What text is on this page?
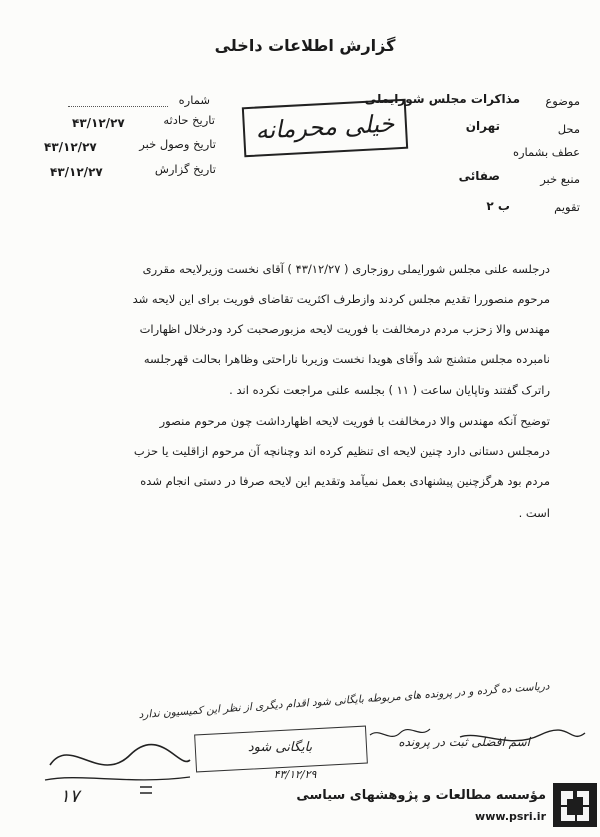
گزارش اطلاعات داخلی
شماره
تاریخ حادثه
۴۳/۱۲/۲۷
تاریخ وصول خبر
۴۳/۱۲/۲۷
تاریخ گزارش
۴۳/۱۲/۲۷
خیلی محرمانه
موضوع
مذاکرات مجلس شورایملی
محل
تهران
عطف بشماره
منبع خبر
صفائی
تقویم
ب ۲
درجلسه علنی مجلس شورایملی روزجاری ( ۴۳/۱۲/۲۷ ) آقای نخست وزیرلایحه مقرری
مرحوم منصوررا تقدیم مجلس کردند وازطرف اکثریت تقاضای فوریت برای این لایحه شد
مهندس والا زحزب مردم درمخالفت با فوریت لایحه مزبورصحبت کرد ودرخلال اظهارات
نامبرده مجلس متشنج شد وآقای هویدا نخست وزیربا ناراحتی وظاهرا بحالت قهرجلسه
راترک گفتند وتاپایان ساعت ( ۱۱ ) بجلسه علنی مراجعت نکرده اند .
توضیح آنکه مهندس والا درمخالفت با فوریت لایحه اظهارداشت چون مرحوم منصور
درمجلس دستانی دارد چنین لایحه ای تنظیم کرده اند وچنانچه آن مرحوم ازاقلیت یا حزب
مردم بود هرگزچنین پیشنهادی بعمل نمیآمد وتقدیم این لایحه صرفا در دستی انجام شده
است .
دریاست ده گرده و در پرونده های مربوطه بایگانی شود اقدام دیگری از نظر این کمیسیون ندارد
اسم افضلی ثبت در پرونده
بایگانی شود
۴۳/۱۲/۲۹
۱۷	مؤسسه مطالعات و پژوهشهای سیاسی
www.psri.ir
